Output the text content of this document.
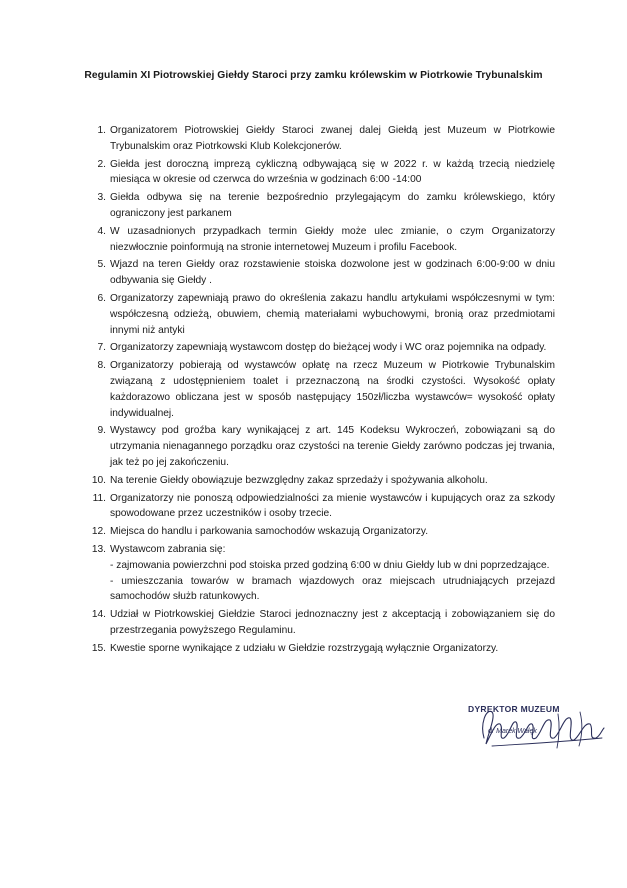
Regulamin XI Piotrowskiej Giełdy Staroci przy zamku królewskim w Piotrkowie Trybunalskim
1. Organizatorem Piotrowskiej Giełdy Staroci zwanej dalej Giełdą jest Muzeum w Piotrkowie Trybunalskim oraz Piotrkowski Klub Kolekcjonerów.
2. Giełda jest doroczną imprezą cykliczną odbywającą się w 2022 r. w każdą trzecią niedzielę miesiąca w okresie od czerwca do września w godzinach 6:00 -14:00
3. Giełda odbywa się na terenie bezpośrednio przylegającym do zamku królewskiego, który ograniczony jest parkanem
4. W uzasadnionych przypadkach termin Giełdy może ulec zmianie, o czym Organizatorzy niezwłocznie poinformują na stronie internetowej Muzeum i profilu Facebook.
5. Wjazd na teren Giełdy oraz rozstawienie stoiska dozwolone jest w godzinach 6:00-9:00 w dniu odbywania się Giełdy .
6. Organizatorzy zapewniają prawo do określenia zakazu handlu artykułami współczesnymi w tym: współczesną odzieżą, obuwiem, chemią materiałami wybuchowymi, bronią oraz przedmiotami innymi niż antyki
7. Organizatorzy zapewniają wystawcom dostęp do bieżącej wody i WC oraz pojemnika na odpady.
8. Organizatorzy pobierają od wystawców opłatę na rzecz Muzeum w Piotrkowie Trybunalskim związaną z udostępnieniem toalet i przeznaczoną na środki czystości. Wysokość opłaty każdorazowo obliczana jest w sposób następujący 150zł/liczba wystawców= wysokość opłaty indywidualnej.
9. Wystawcy pod groźba kary wynikającej z art. 145 Kodeksu Wykroczeń, zobowiązani są do utrzymania nienagannego porządku oraz czystości na terenie Giełdy zarówno podczas jej trwania, jak też po jej zakończeniu.
10. Na terenie Giełdy obowiązuje bezwzględny zakaz sprzedaży i spożywania alkoholu.
11. Organizatorzy nie ponoszą odpowiedzialności za mienie wystawców i kupujących oraz za szkody spowodowane przez uczestników i osoby trzecie.
12. Miejsca do handlu i parkowania samochodów wskazują Organizatorzy.
13. Wystawcom zabrania się:
- zajmowania powierzchni pod stoiska przed godziną 6:00 w dniu Giełdy lub w dni poprzedzające.
- umieszczania towarów w bramach wjazdowych oraz miejscach utrudniających przejazd samochodów służb ratunkowych.
14. Udział w Piotrkowskiej Giełdzie Staroci jednoznaczny jest z akceptacją i zobowiązaniem się do przestrzegania powyższego Regulaminu.
15. Kwestie sporne wynikające z udziału w Giełdzie rozstrzygają wyłącznie Organizatorzy.
DYREKTOR MUZEUM
dr Marek Wałęk
